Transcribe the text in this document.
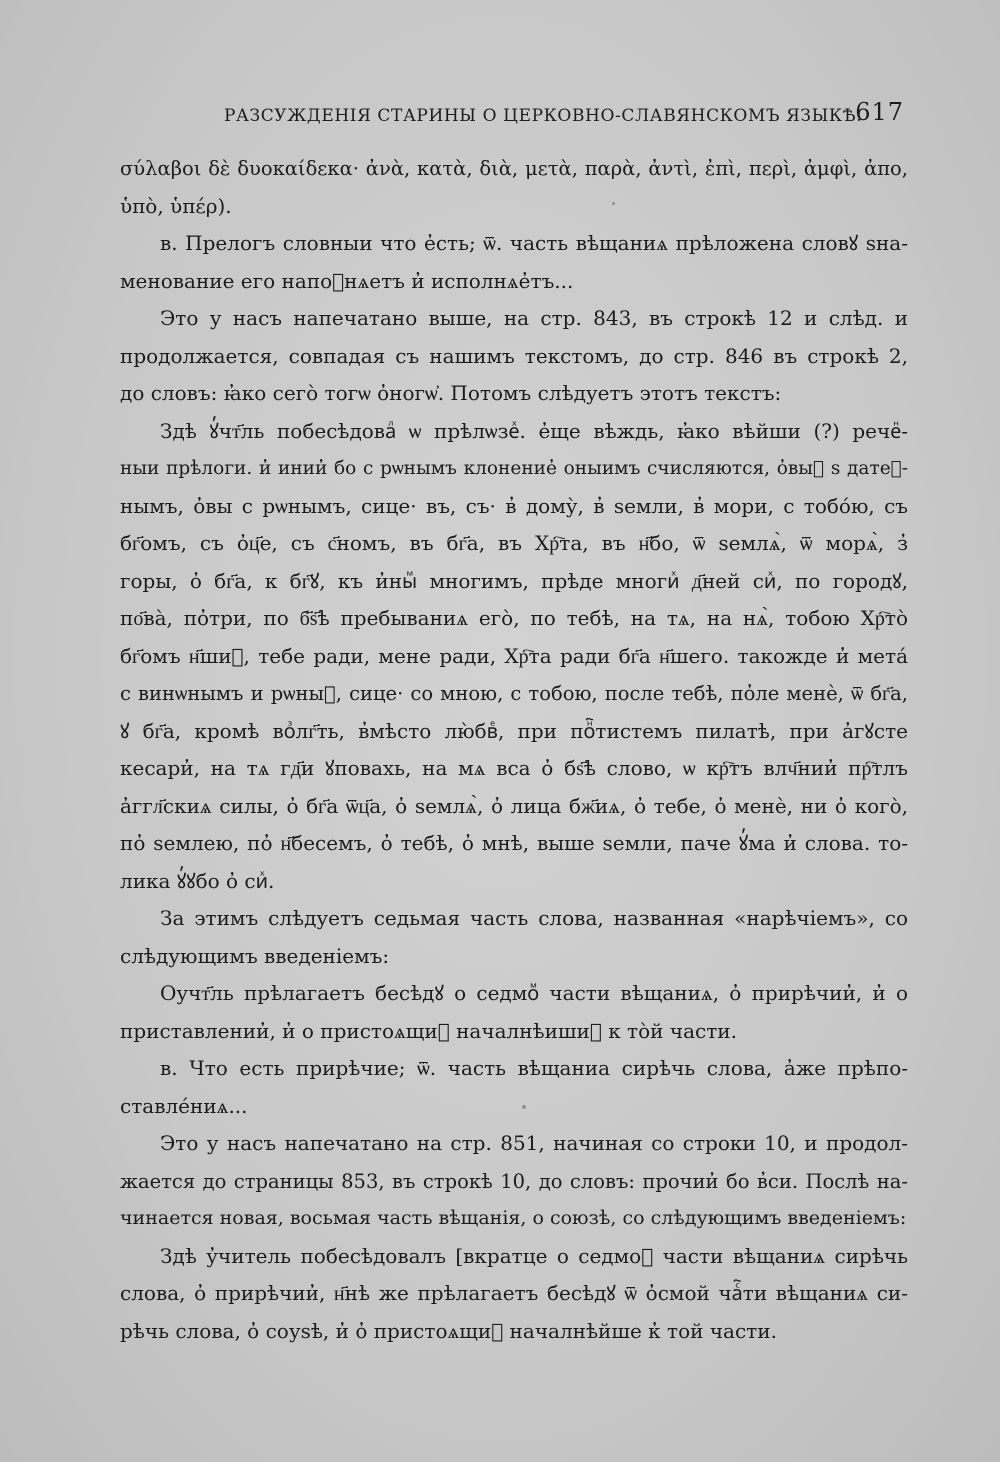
РАЗСУЖДЕНІЯ СТАРИНЫ О ЦЕРКОВНО-СЛАВЯНСКОМЪ ЯЗЫКѢ.
617
σύλαβοι δὲ δυοκαίδεκα· ἀνὰ, κατὰ, διὰ, μετὰ, παρὰ, ἀντὶ, ἐπὶ, περὶ, ἀμφὶ, ἀπο,
ὑπὸ, ὑπέρ).
в. Прелогъ словныи что е̓сть; ѿ. часть вѣщаниѧ прѣложена словꙋ ѕна-
менование его напоⷯнѧетъ и̓ исполнѧе̓тъ...
Это у насъ напечатано выше, на стр. 843, въ строкѣ 12 и слѣд. и
продолжается, совпадая съ нашимъ текстомъ, до стр. 846 въ строкѣ 2,
до словъ: ꙗ̓ко сего̀ тогѡ о̓ногѡ̓. Потомъ слѣдуетъ этотъ текстъ:
Здѣ ꙋ̓чт҃ль побесѣдоваⷧ ѡ прѣлѡзеⷯ. е̓ще вѣждь, ꙗ̓ко вѣйши (?) речеⷩ-
ныи прѣлоги. и̓ инии̓ бо с рѡнымъ клонение̓ оныимъ счисляются, о̓выⷨ ѕ датеⷧ-
нымъ, о̓вы с рѡнымъ, сице· въ, съ· в̓ дому̀, в̓ ѕемли, в̓ мори, с тобо́ю, съ
бг҃омъ, съ о̓ц҃е, съ с҃номъ, въ бг҃а, въ Хр҇та, въ н҃бо, ѿ ѕемлѧ̀, ѿ морѧ̀, з̓
горы, о̓ бг҃а, к бг҃ꙋ, къ и̓ныⷨ многимъ, прѣде многиⷯ д҃ней сиⷯ, по городꙋ,
по҃ва̀, по̓три, по б҃ѕ҃ѣ пребываниѧ его̀, по тебѣ, на тѧ, на нѧ̀, тобою Хр҇то̀
бг҃омъ н҃шиⷨ, тебе ради, мене ради, Хр҇та ради бг҃а н҃шего. такожде и̓ мета́
с винѡнымъ и рѡныⷨ, сице· со мною, с тобою, после тебѣ, по̓ле менѐ, ѿ бг҃а,
ꙋ бг҃а, кромѣ воⷥлг҃ть, в̓мѣсто лю̀бвⷷ, при поⷩ҇тистемъ пилатѣ, при а̓гꙋсте
кесари̓, на тѧ гд҃и ꙋповахь, на мѧ вса о̓ бѕ҃ѣ слово, ѡ кр҇тъ влч҃нии̓ пр҇тлъ
а̓ггл҃скиѧ силы, о̓ бг҃а ѿц҃а, о̓ ѕемлѧ̀, о̓ лица бж҃иѧ, о̓ тебе, о̓ менѐ, ни о̓ кого̀,
по̓ ѕемлею, по̓ н҃бесемъ, о̓ тебѣ, о̓ мнѣ, выше ѕемли, паче ꙋ̓ма и̓ слова. то-
лика ꙋ̓ꙋбо о̓ сиⷯ.
За этимъ слѣдуетъ седьмая часть слова, названная «нарѣчіемъ», со
слѣдующимъ введеніемъ:
Оучт҃ль прѣлагаетъ бесѣдꙋ о седмоⷨ части вѣщаниѧ, о̓ прирѣчии̓, и̓ о
приставлении̓, и̓ о пристоѧщиⷯ началнѣишиⷯ к то̀й части.
в. Что есть прирѣчие; ѿ. часть вѣщаниа сирѣчь слова, а̓же прѣпо-
ставле́ниѧ...
Это у насъ напечатано на стр. 851, начиная со строки 10, и продол-
жается до страницы 853, въ строкѣ 10, до словъ: прочии̓ бо в̓си. Послѣ на-
чинается новая, восьмая часть вѣщанія, о союзѣ, со слѣдующимъ введеніемъ:
Здѣ у̓читель побесѣдовалъ [вкратце о седмоⷨ части вѣщаниѧ сирѣчь
слова, о̓ прирѣчии̓, н҃нѣ же прѣлагаетъ бесѣдꙋ ѿ о̓смой чаⷭ҇ти вѣщаниѧ си-
рѣчь слова, о̓ соуѕѣ, и̓ о̓ пристоѧщиⷯ началнѣйше к̓ той части.
